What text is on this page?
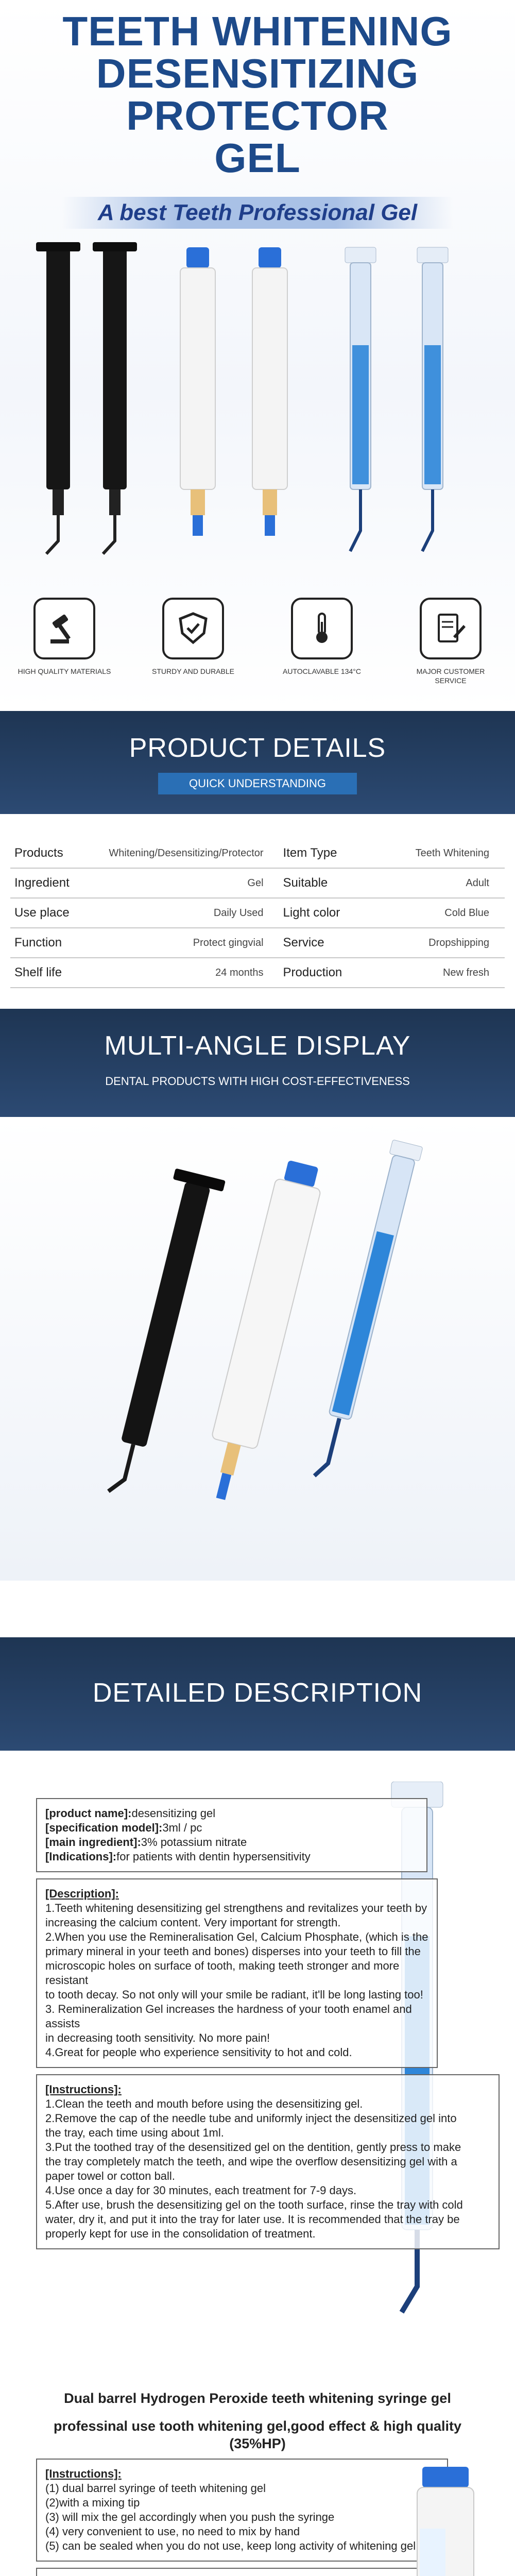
TEETH WHITENING
DESENSITIZING
PROTECTOR
GEL
A best Teeth Professional Gel
HIGH QUALITY MATERIALS	STURDY AND DURABLE	AUTOCLAVABLE 134°C	MAJOR CUSTOMER SERVICE
PRODUCT DETAILS
QUICK UNDERSTANDING
Products	Whitening/Desensitizing/Protector	Item Type	Teeth Whitening
Ingredient	Gel	Suitable	Adult
Use place	Daily Used	Light color	Cold Blue
Function	Protect gingvial	Service	Dropshipping
Shelf life	24 months	Production	New fresh
MULTI-ANGLE DISPLAY
DENTAL PRODUCTS WITH HIGH COST-EFFECTIVENESS
DETAILED DESCRIPTION
[product name]:desensitizing gel
[specification model]:3ml / pc
[main ingredient]:3% potassium nitrate
[Indications]:for patients with dentin hypersensitivity
[Description]:
1.Teeth whitening desensitizing gel strengthens and revitalizes your teeth by
increasing the calcium content. Very important for strength.
2.When you use the Remineralisation Gel, Calcium Phosphate, (which is the
primary mineral in your teeth and bones) disperses into your teeth to fill the
microscopic holes on surface of tooth, making teeth stronger and more resistant
to tooth decay. So not only will your smile be radiant, it'll be long lasting too!
3. Remineralization Gel increases the hardness of your tooth enamel and assists
in decreasing tooth sensitivity. No more pain!
4.Great for people who experience sensitivity to hot and cold.
[Instructions]:
1.Clean the teeth and mouth before using the desensitizing gel.
2.Remove the cap of the needle tube and uniformly inject the desensitized gel into
the tray, each time using about 1ml.
3.Put the toothed tray of the desensitized gel on the dentition, gently press to make
the tray completely match the teeth, and wipe the overflow desensitizing gel with a
paper towel or cotton ball.
4.Use once a day for 30 minutes, each treatment for 7-9 days.
5.After use, brush the desensitizing gel on the tooth surface, rinse the tray with cold
water, dry it, and put it into the tray for later use. It is recommended that the tray be
properly kept for use in the consolidation of treatment.
Dual barrel Hydrogen Peroxide teeth whitening syringe gel
professinal use tooth whitening gel,good effect & high quality (35%HP)
[Instructions]:
(1) dual barrel syringe of teeth whitening gel
(2)with a mixing tip
(3) will mix the gel accordingly when you push the syringe
(4) very convenient to use, no need to mix by hand
(5) can be sealed when you do not use, keep long activity of whitening gel
